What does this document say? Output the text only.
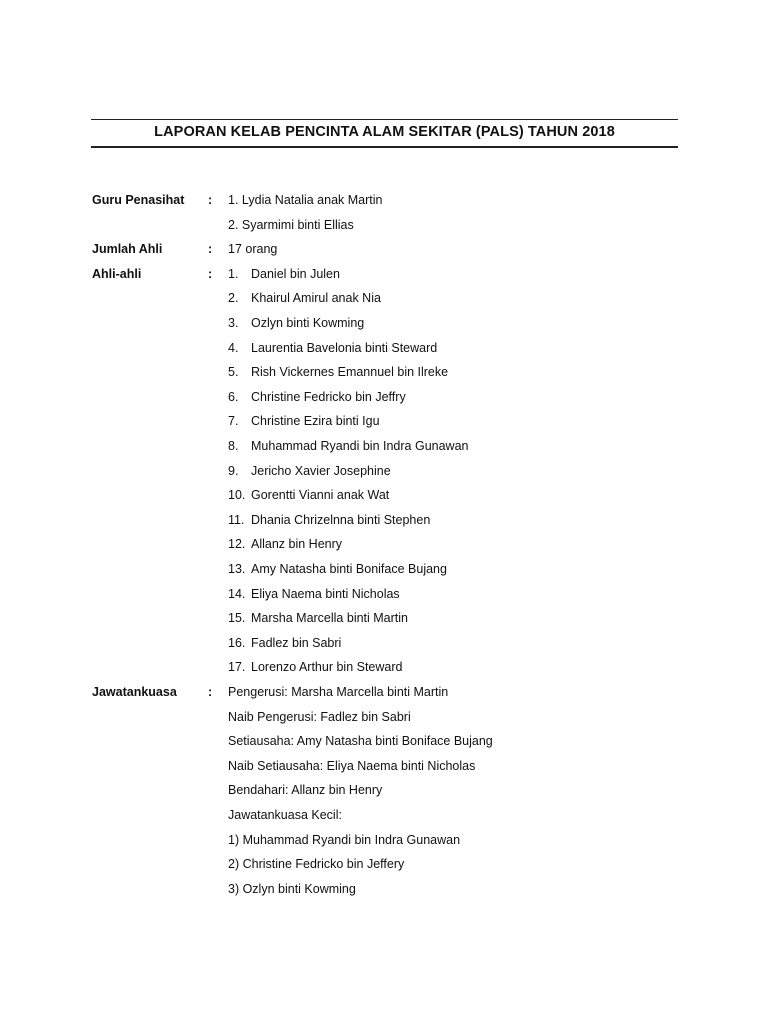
LAPORAN KELAB PENCINTA ALAM SEKITAR (PALS) TAHUN 2018
Guru Penasihat : 1. Lydia Natalia anak Martin
2. Syarmimi binti Ellias
Jumlah Ahli	: 17 orang
Ahli-ahli	: 1. Daniel bin Julen
2. Khairul Amirul anak Nia
3. Ozlyn binti Kowming
4. Laurentia Bavelonia binti Steward
5. Rish Vickernes Emannuel bin Ilreke
6. Christine Fedricko bin Jeffry
7. Christine Ezira binti Igu
8. Muhammad Ryandi bin Indra Gunawan
9. Jericho Xavier Josephine
10. Gorentti Vianni anak Wat
11. Dhania Chrizelnna binti Stephen
12. Allanz bin Henry
13. Amy Natasha binti Boniface Bujang
14. Eliya Naema binti Nicholas
15. Marsha Marcella binti Martin
16. Fadlez bin Sabri
17. Lorenzo Arthur bin Steward
Jawatankuasa : Pengerusi: Marsha Marcella binti Martin
Naib Pengerusi: Fadlez bin Sabri
Setiausaha: Amy Natasha binti Boniface Bujang
Naib Setiausaha: Eliya Naema binti Nicholas
Bendahari: Allanz bin Henry
Jawatankuasa Kecil:
1) Muhammad Ryandi bin Indra Gunawan
2) Christine Fedricko bin Jeffery
3) Ozlyn binti Kowming
